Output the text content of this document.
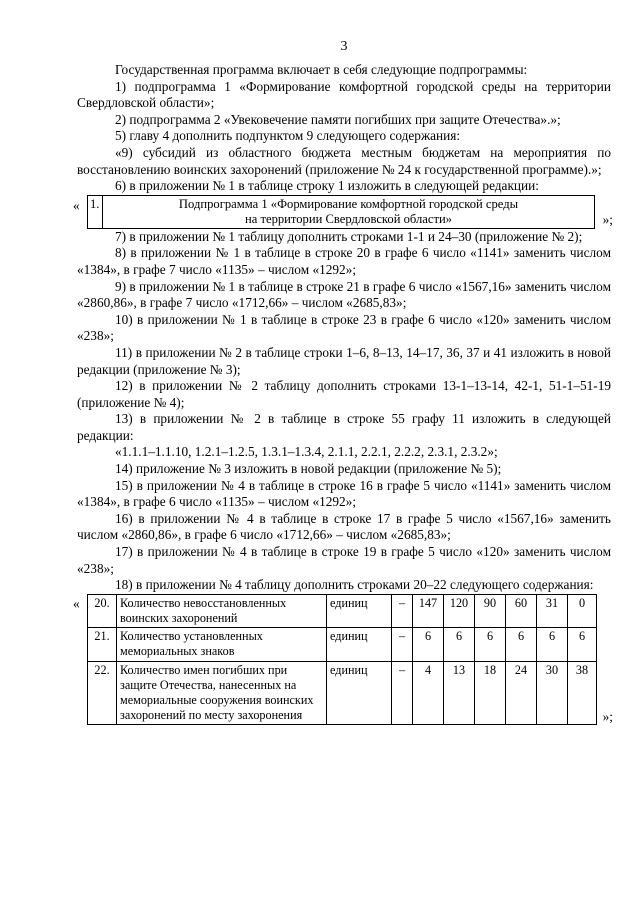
3

Государственная программа включает в себя следующие подпрограммы:

1) подпрограмма 1 «Формирование комфортной городской среды на территории Свердловской области»;

2) подпрограмма 2 «Увековечение памяти погибших при защите Отечества».»;

5) главу 4 дополнить подпунктом 9 следующего содержания:

«9) субсидий из областного бюджета местным бюджетам на мероприятия по восстановлению воинских захоронений (приложение № 24 к государственной программе).»;

6) в приложении № 1 в таблице строку 1 изложить в следующей редакции:

« 1.	Подпрограмма 1 «Формирование комфортной городской среды
на территории Свердловской области»	»;

7) в приложении № 1 таблицу дополнить строками 1-1 и 24–30 (приложение № 2);

8) в приложении № 1 в таблице в строке 20 в графе 6 число «1141» заменить числом «1384», в графе 7 число «1135» – числом «1292»;

9) в приложении № 1 в таблице в строке 21 в графе 6 число «1567,16» заменить числом «2860,86», в графе 7 число «1712,66» – числом «2685,83»;

10) в приложении № 1 в таблице в строке 23 в графе 6 число «120» заменить числом «238»;

11) в приложении № 2 в таблице строки 1–6, 8–13, 14–17, 36, 37 и 41 изложить в новой редакции (приложение № 3);

12) в приложении № 2 таблицу дополнить строками 13-1–13-14, 42-1, 51-1–51-19 (приложение № 4);

13) в приложении № 2 в таблице в строке 55 графу 11 изложить в следующей редакции:

«1.1.1–1.1.10, 1.2.1–1.2.5, 1.3.1–1.3.4, 2.1.1, 2.2.1, 2.2.2, 2.3.1, 2.3.2»;

14) приложение № 3 изложить в новой редакции (приложение № 5);

15) в приложении № 4 в таблице в строке 16 в графе 5 число «1141» заменить числом «1384», в графе 6 число «1135» – числом «1292»;

16) в приложении № 4 в таблице в строке 17 в графе 5 число «1567,16» заменить числом «2860,86», в графе 6 число «1712,66» – числом «2685,83»;

17) в приложении № 4 в таблице в строке 19 в графе 5 число «120» заменить числом «238»;

18) в приложении № 4 таблицу дополнить строками 20–22 следующего содержания:

« 20.	Количество невосстановленных воинских захоронений	единиц	–	147	120	90	60	31	0
21.	Количество установленных мемориальных знаков	единиц	–	6	6	6	6	6	6
22.	Количество имен погибших при защите Отечества, нанесенных на мемориальные сооружения воинских захоронений по месту захоронения	единиц	–	4	13	18	24	30	38
»;
